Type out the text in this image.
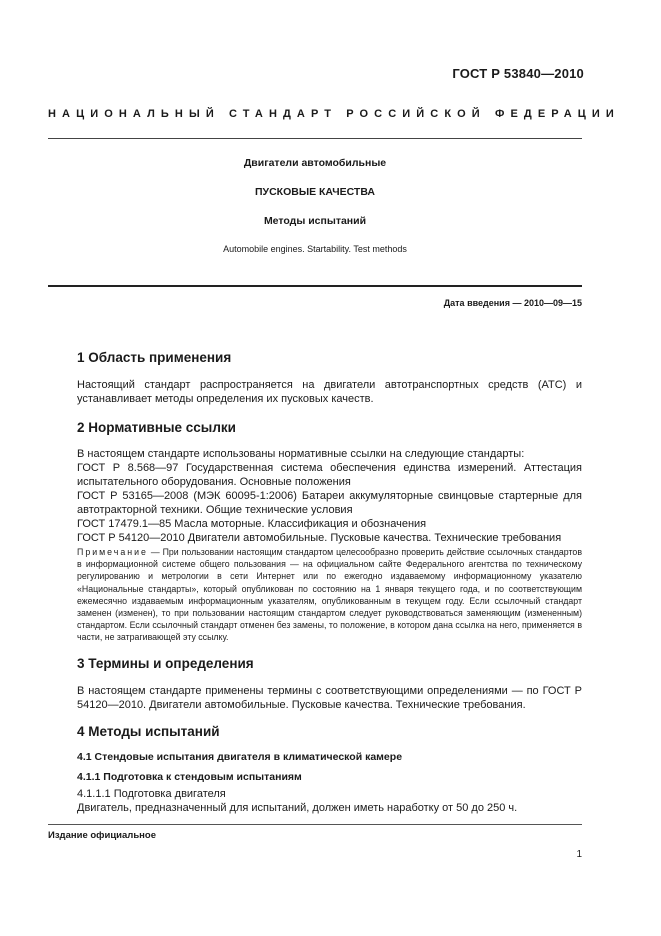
ГОСТ Р 53840—2010
НАЦИОНАЛЬНЫЙ СТАНДАРТ РОССИЙСКОЙ ФЕДЕРАЦИИ
Двигатели автомобильные
ПУСКОВЫЕ КАЧЕСТВА
Методы испытаний
Automobile engines. Startability. Test methods
Дата введения — 2010—09—15
1 Область применения

Настоящий стандарт распространяется на двигатели автотранспортных средств (АТС) и устанавливает методы определения их пусковых качеств.

2 Нормативные ссылки

В настоящем стандарте использованы нормативные ссылки на следующие стандарты:

ГОСТ Р 8.568—97 Государственная система обеспечения единства измерений. Аттестация испытательного оборудования. Основные положения

ГОСТ Р 53165—2008 (МЭК 60095-1:2006) Батареи аккумуляторные свинцовые стартерные для автотракторной техники. Общие технические условия

ГОСТ 17479.1—85 Масла моторные. Классификация и обозначения

ГОСТ Р 54120—2010 Двигатели автомобильные. Пусковые качества. Технические требования

Примечание — При пользовании настоящим стандартом целесообразно проверить действие ссылочных стандартов в информационной системе общего пользования — на официальном сайте Федерального агентства по техническому регулированию и метрологии в сети Интернет или по ежегодно издаваемому информационному указателю «Национальные стандарты», который опубликован по состоянию на 1 января текущего года, и по соответствующим ежемесячно издаваемым информационным указателям, опубликованным в текущем году. Если ссылочный стандарт заменен (изменен), то при пользовании настоящим стандартом следует руководствоваться заменяющим (измененным) стандартом. Если ссылочный стандарт отменен без замены, то положение, в котором дана ссылка на него, применяется в части, не затрагивающей эту ссылку.

3 Термины и определения

В настоящем стандарте применены термины с соответствующими определениями — по ГОСТ Р 54120—2010. Двигатели автомобильные. Пусковые качества. Технические требования.

4 Методы испытаний
4.1 Стендовые испытания двигателя в климатической камере
4.1.1 Подготовка к стендовым испытаниям

4.1.1.1 Подготовка двигателя

Двигатель, предназначенный для испытаний, должен иметь наработку от 50 до 250 ч.

Издание официальное
1
